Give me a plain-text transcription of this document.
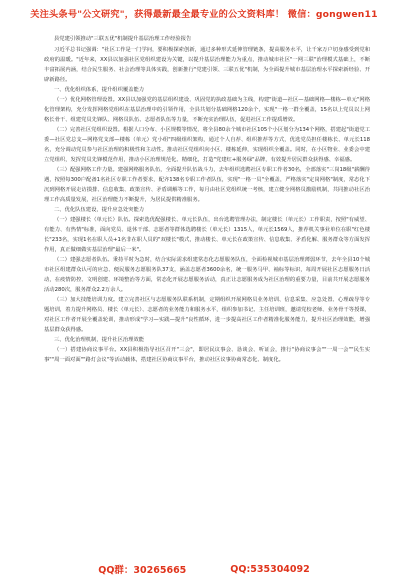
关注头条号"公文研究"，获得最新最全最专业的公文资料库！ 微信：gongwen11
县党建引领推动"三联五优"机制提升基层治理工作经验报告

习近平总书记强调："社区工作是一门学问，要积极探索创新，通过多种形式延伸管理链条，提高服务水平，让千家万户切身感受到党和政府的温暖。"近年来，XX县以加强社区党组织建设为关键，以提升基层治理能力为重点，推动城市社区"一网三联"治理模式基础上，不断丰富拓展内涵，结合民生服务、社会治理等具体实践，创新推行"党建引领、三联五优"机制，为全面提升城市基层治理水平探索新经验、开辟新路径。

一、优化组织体系，提升组织覆盖能力

（一）优化网格管理设置。XX县以加强党的基层组织建设、巩固党的执政基础为主线，构建"街道—社区—基础网格—楼栋—单元"网格化管理架构，充分发挥网格党组织在基层治理中的引领作用，全县共划分基础网格120余个，实现"一格一群全覆盖，15名以上党员以上网格长骨干、组建党员先锋队、网格员队伍、志愿者队伍等力量，不断充实治理队伍，促进社区工作提质增效。

（二）完善社区党组织设置。根据人口分布、小区规模等情况，将全县80余个城市社区105个小区划分为134个网格，搭建起"街道党工委—社区党总支—网格党支部—楼栋（单元）党小组"四级组织架构，通过个人自荐、组织推荐等方式，优选党员担任楼栋长、单元长118名，充分调动党员参与社区治理的积极性和主动性。推动社区党组织向小区、楼栋延伸，实现组织全覆盖。同时，在小区物业、业委会中建立党组织，发挥党员先锋模范作用，推动小区治理规范化、精细化，打造"党建红+服务绿"品牌，有效提升居民群众获得感、幸福感。

（三）配强网格工作力量。建强网格服务队伍，全面提升队伍战斗力，去年组织选聘社区专职工作者30名，全部落实"三岗18级"薪酬待遇，按照每300户配备1名社区专职工作者要求，配齐138名专职工作者队伍，实现"一格一员"全覆盖，严格落实"定岗网格"制度，常态化下沉到网格开展走访摸排、信息收集、政策宣传、矛盾调解等工作，每月由社区党组织统一考核，建立健全网格员激励机制，共同推动社区治理工作高质量发展，社区治理能力不断提升，为居民提供精准服务。

二、优化队伍建设，提升应急处突能力

（一）建强楼长（单元长）队伍。探索选优配强楼长、单元长队伍，出台选聘管理办法，制定楼长（单元长）工作职责，按照"有威望、有能力、有热情"标准，面向党员、退休干部、志愿者等群体选聘楼长（单元长）1315人，单元长1569人，推荐机关事业单位在职"红色楼长"233名，实现1名在职人员+1名非在职人员的"双楼长"模式，推动楼长、单元长在政策宣传、信息收集、矛盾化解、服务群众等方面发挥作用，真正做细做实基层治理"最后一米"。

（二）建强志愿者队伍。秉持平时为急时，结合实际需求组建常态化志愿服务队伍，全面检视城市基层治理薄弱环节，去年全县10个城市社区组建群众认可的应急、便民服务志愿服务队37支，涵盖志愿者3600余名，统一服务马甲、袖标等标识，每周开展社区志愿服务日活动，在疫情防控、文明创建、环境整治等方面，常态化开展志愿服务活动，真正让志愿服务成为社区治理的重要力量，目前共开展志愿服务活动280次，服务群众2.2万余人。

（三）加大技能培训力度。建立完善社区与志愿服务队联系机制，定期组织开展网格员业务培训、信息采集、应急处置、心理疏导等专题培训，着力提升网格员、楼长（单元长）、志愿者的业务能力和服务水平，组织参加书记、主任培训班，邀请党校老师、业务骨干等授课，对社区工作者开展全覆盖轮训，推动形成"学习—实践—提升"良性循环，进一步提高社区工作者精准化服务能力，提升社区治理效能，增强基层群众获得感。

三、优化治理机制，提升社区治理效能

（一）搭建协商议事平台。XX县积极指导社区召开"三会"，即居民议事会、恳谈会、听证会，推行"协商议事会""一周一会""民生实事""周一面对面""路灯会议"等活动载体，搭建社区协商议事平台，推动社区议事协商常态化、制度化。

QQ群：30265665	QQ:535304092
